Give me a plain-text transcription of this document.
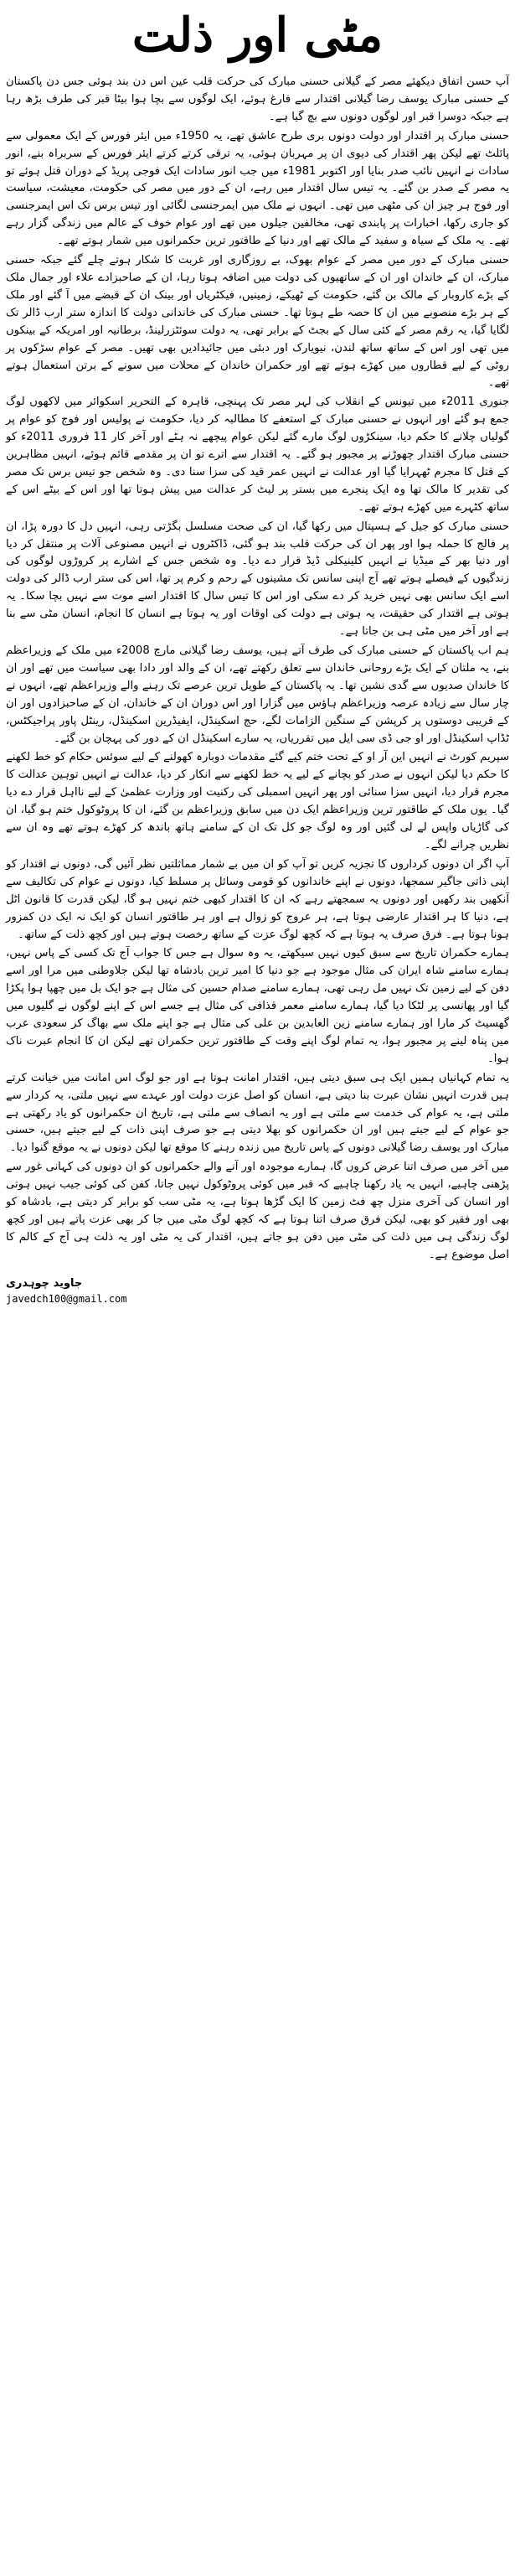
مٹی اور ذلت

آپ حسن اتفاق دیکھئے مصر کے گیلانی حسنی مبارک کی حرکت قلب عین اس دن بند ہوئی جس دن پاکستان کے حسنی مبارک یوسف رضا گیلانی اقتدار سے فارغ ہوئے، ایک لوگوں سے بچا ہوا بیٹا قبر کی طرف بڑھ رہا ہے جبکہ دوسرا قبر اور لوگوں دونوں سے بچ گیا ہے۔

حسنی مبارک پر اقتدار اور دولت دونوں بری طرح عاشق تھے، یہ 1950ء میں ایئر فورس کے ایک معمولی سے پائلٹ تھے لیکن پھر اقتدار کی دیوی ان پر مہربان ہوئی، یہ ترقی کرتے کرتے ایئر فورس کے سربراہ بنے، انور سادات نے انہیں نائب صدر بنایا اور اکتوبر 1981ء میں جب انور سادات ایک فوجی پریڈ کے دوران قتل ہوئے تو یہ مصر کے صدر بن گئے۔ یہ تیس سال اقتدار میں رہے، ان کے دور میں مصر کی حکومت، معیشت، سیاست اور فوج ہر چیز ان کی مٹھی میں تھی۔ انہوں نے ملک میں ایمرجنسی لگائی اور تیس برس تک اس ایمرجنسی کو جاری رکھا، اخبارات پر پابندی تھی، مخالفین جیلوں میں تھے اور عوام خوف کے عالم میں زندگی گزار رہے تھے۔ یہ ملک کے سیاہ و سفید کے مالک تھے اور دنیا کے طاقتور ترین حکمرانوں میں شمار ہوتے تھے۔

حسنی مبارک کے دور میں مصر کے عوام بھوک، بے روزگاری اور غربت کا شکار ہوتے چلے گئے جبکہ حسنی مبارک، ان کے خاندان اور ان کے ساتھیوں کی دولت میں اضافہ ہوتا رہا، ان کے صاحبزادے علاء اور جمال ملک کے بڑے کاروبار کے مالک بن گئے، حکومت کے ٹھیکے، زمینیں، فیکٹریاں اور بینک ان کے قبضے میں آ گئے اور ملک کے ہر بڑے منصوبے میں ان کا حصہ طے ہوتا تھا۔ حسنی مبارک کی خاندانی دولت کا اندازہ ستر ارب ڈالر تک لگایا گیا، یہ رقم مصر کے کئی سال کے بجٹ کے برابر تھی، یہ دولت سوئٹزرلینڈ، برطانیہ اور امریکہ کے بینکوں میں تھی اور اس کے ساتھ ساتھ لندن، نیویارک اور دبئی میں جائیدادیں بھی تھیں۔ مصر کے عوام سڑکوں پر روٹی کے لیے قطاروں میں کھڑے ہوتے تھے اور حکمران خاندان کے محلات میں سونے کے برتن استعمال ہوتے تھے۔

جنوری 2011ء میں تیونس کے انقلاب کی لہر مصر تک پہنچی، قاہرہ کے التحریر اسکوائر میں لاکھوں لوگ جمع ہو گئے اور انہوں نے حسنی مبارک کے استعفے کا مطالبہ کر دیا، حکومت نے پولیس اور فوج کو عوام پر گولیاں چلانے کا حکم دیا، سینکڑوں لوگ مارے گئے لیکن عوام پیچھے نہ ہٹے اور آخر کار 11 فروری 2011ء کو حسنی مبارک اقتدار چھوڑنے پر مجبور ہو گئے۔ یہ اقتدار سے اترے تو ان پر مقدمے قائم ہوئے، انہیں مظاہرین کے قتل کا مجرم ٹھہرایا گیا اور عدالت نے انہیں عمر قید کی سزا سنا دی۔ وہ شخص جو تیس برس تک مصر کی تقدیر کا مالک تھا وہ ایک پنجرے میں بستر پر لیٹ کر عدالت میں پیش ہوتا تھا اور اس کے بیٹے اس کے ساتھ کٹہرے میں کھڑے ہوتے تھے۔

حسنی مبارک کو جیل کے ہسپتال میں رکھا گیا، ان کی صحت مسلسل بگڑتی رہی، انہیں دل کا دورہ پڑا، ان پر فالج کا حملہ ہوا اور پھر ان کی حرکت قلب بند ہو گئی، ڈاکٹروں نے انہیں مصنوعی آلات پر منتقل کر دیا اور دنیا بھر کے میڈیا نے انہیں کلینیکلی ڈیڈ قرار دے دیا۔ وہ شخص جس کے اشارے پر کروڑوں لوگوں کی زندگیوں کے فیصلے ہوتے تھے آج اپنی سانس تک مشینوں کے رحم و کرم پر تھا، اس کی ستر ارب ڈالر کی دولت اسے ایک سانس بھی نہیں خرید کر دے سکی اور اس کا تیس سال کا اقتدار اسے موت سے نہیں بچا سکا۔ یہ ہوتی ہے اقتدار کی حقیقت، یہ ہوتی ہے دولت کی اوقات اور یہ ہوتا ہے انسان کا انجام، انسان مٹی سے بنا ہے اور آخر میں مٹی ہی بن جاتا ہے۔

ہم اب پاکستان کے حسنی مبارک کی طرف آتے ہیں، یوسف رضا گیلانی مارچ 2008ء میں ملک کے وزیراعظم بنے، یہ ملتان کے ایک بڑے روحانی خاندان سے تعلق رکھتے تھے، ان کے والد اور دادا بھی سیاست میں تھے اور ان کا خاندان صدیوں سے گدی نشین تھا۔ یہ پاکستان کے طویل ترین عرصے تک رہنے والے وزیراعظم تھے، انہوں نے چار سال سے زیادہ عرصہ وزیراعظم ہاؤس میں گزارا اور اس دوران ان کے خاندان، ان کے صاحبزادوں اور ان کے قریبی دوستوں پر کرپشن کے سنگین الزامات لگے، حج اسکینڈل، ایفیڈرین اسکینڈل، رینٹل پاور پراجیکٹس، ٹڈاپ اسکینڈل اور او جی ڈی سی ایل میں تقرریاں، یہ سارے اسکینڈل ان کے دور کی پہچان بن گئے۔

سپریم کورٹ نے انہیں این آر او کے تحت ختم کیے گئے مقدمات دوبارہ کھولنے کے لیے سوئس حکام کو خط لکھنے کا حکم دیا لیکن انہوں نے صدر کو بچانے کے لیے یہ خط لکھنے سے انکار کر دیا، عدالت نے انہیں توہین عدالت کا مجرم قرار دیا، انہیں سزا سنائی اور پھر انہیں اسمبلی کی رکنیت اور وزارت عظمیٰ کے لیے نااہل قرار دے دیا گیا۔ یوں ملک کے طاقتور ترین وزیراعظم ایک دن میں سابق وزیراعظم بن گئے، ان کا پروٹوکول ختم ہو گیا، ان کی گاڑیاں واپس لے لی گئیں اور وہ لوگ جو کل تک ان کے سامنے ہاتھ باندھ کر کھڑے ہوتے تھے وہ ان سے نظریں چرانے لگے۔

آپ اگر ان دونوں کرداروں کا تجزیہ کریں تو آپ کو ان میں بے شمار مماثلتیں نظر آئیں گی، دونوں نے اقتدار کو اپنی ذاتی جاگیر سمجھا، دونوں نے اپنے خاندانوں کو قومی وسائل پر مسلط کیا، دونوں نے عوام کی تکالیف سے آنکھیں بند رکھیں اور دونوں یہ سمجھتے رہے کہ ان کا اقتدار کبھی ختم نہیں ہو گا، لیکن قدرت کا قانون اٹل ہے، دنیا کا ہر اقتدار عارضی ہوتا ہے، ہر عروج کو زوال ہے اور ہر طاقتور انسان کو ایک نہ ایک دن کمزور ہونا ہوتا ہے۔ فرق صرف یہ ہوتا ہے کہ کچھ لوگ عزت کے ساتھ رخصت ہوتے ہیں اور کچھ ذلت کے ساتھ۔

ہمارے حکمران تاریخ سے سبق کیوں نہیں سیکھتے، یہ وہ سوال ہے جس کا جواب آج تک کسی کے پاس نہیں، ہمارے سامنے شاہ ایران کی مثال موجود ہے جو دنیا کا امیر ترین بادشاہ تھا لیکن جلاوطنی میں مرا اور اسے دفن کے لیے زمین تک نہیں مل رہی تھی، ہمارے سامنے صدام حسین کی مثال ہے جو ایک بل میں چھپا ہوا پکڑا گیا اور پھانسی پر لٹکا دیا گیا، ہمارے سامنے معمر قذافی کی مثال ہے جسے اس کے اپنے لوگوں نے گلیوں میں گھسیٹ کر مارا اور ہمارے سامنے زین العابدین بن علی کی مثال ہے جو اپنے ملک سے بھاگ کر سعودی عرب میں پناہ لینے پر مجبور ہوا، یہ تمام لوگ اپنے وقت کے طاقتور ترین حکمران تھے لیکن ان کا انجام عبرت ناک ہوا۔

یہ تمام کہانیاں ہمیں ایک ہی سبق دیتی ہیں، اقتدار امانت ہوتا ہے اور جو لوگ اس امانت میں خیانت کرتے ہیں قدرت انہیں نشان عبرت بنا دیتی ہے، انسان کو اصل عزت دولت اور عہدے سے نہیں ملتی، یہ کردار سے ملتی ہے، یہ عوام کی خدمت سے ملتی ہے اور یہ انصاف سے ملتی ہے، تاریخ ان حکمرانوں کو یاد رکھتی ہے جو عوام کے لیے جیتے ہیں اور ان حکمرانوں کو بھلا دیتی ہے جو صرف اپنی ذات کے لیے جیتے ہیں، حسنی مبارک اور یوسف رضا گیلانی دونوں کے پاس تاریخ میں زندہ رہنے کا موقع تھا لیکن دونوں نے یہ موقع گنوا دیا۔

میں آخر میں صرف اتنا عرض کروں گا، ہمارے موجودہ اور آنے والے حکمرانوں کو ان دونوں کی کہانی غور سے پڑھنی چاہیے، انہیں یہ یاد رکھنا چاہیے کہ قبر میں کوئی پروٹوکول نہیں جاتا، کفن کی کوئی جیب نہیں ہوتی اور انسان کی آخری منزل چھ فٹ زمین کا ایک گڑھا ہوتا ہے، یہ مٹی سب کو برابر کر دیتی ہے، بادشاہ کو بھی اور فقیر کو بھی، لیکن فرق صرف اتنا ہوتا ہے کہ کچھ لوگ مٹی میں جا کر بھی عزت پاتے ہیں اور کچھ لوگ زندگی ہی میں ذلت کی مٹی میں دفن ہو جاتے ہیں، اقتدار کی یہ مٹی اور یہ ذلت ہی آج کے کالم کا اصل موضوع ہے۔

جاوید چوہدری
javedch100@gmail.com
